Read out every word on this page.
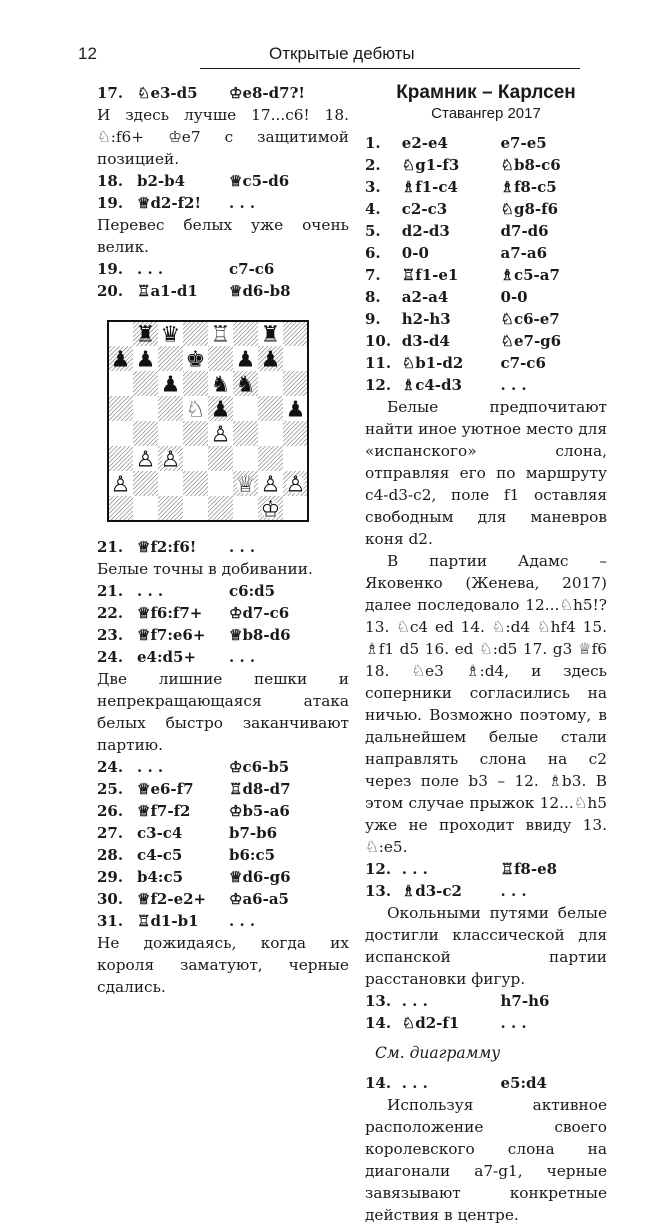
12	Открытые дебюты
17. ♘e3-d5	♔e8-d7?!

И здесь лучше 17...c6! 18. ♘:f6+ ♔e7 с защитимой позицией.

18. b2-b4	♕c5-d6
19. ♕d2-f2!	. . .

Перевес белых уже очень велик.

19. . . .	c7-c6
20. ♖a1-d1	♕d6-b8
♜ ♛ ♖ ♜
♟ ♟ ♚ ♟ ♟
♟ ♞ ♞
♘ ♟	♟
♙
♙ ♙
♙	♕ ♙ ♙
♔
21. ♕f2:f6!	. . .

Белые точны в добивании.

21. . . .	c6:d5
22. ♕f6:f7+	♔d7-c6
23. ♕f7:e6+	♕b8-d6
24. e4:d5+	. . .

Две лишние пешки и непрекращающаяся атака белых быстро заканчивают партию.

24. . . .	♔c6-b5
25. ♕e6-f7	♖d8-d7
26. ♕f7-f2	♔b5-a6
27. c3-c4	b7-b6
28. c4-c5	b6:c5
29. b4:c5	♕d6-g6
30. ♕f2-e2+	♔a6-a5
31. ♖d1-b1	. . .

Не дожидаясь, когда их короля заматуют, черные сдались.

Крамник – Карлсен
Ставангер 2017
1.	e2-e4	e7-e5
2.	♘g1-f3	♘b8-c6
3.	♗f1-c4	♗f8-c5
4.	c2-c3	♘g8-f6
5.	d2-d3	d7-d6
6.	0-0	a7-a6
7.	♖f1-e1	♗c5-a7
8.	a2-a4	0-0
9.	h2-h3	♘c6-e7
10. d3-d4	♘e7-g6
11. ♘b1-d2	c7-c6
12. ♗c4-d3	. . .

Белые предпочитают найти иное уютное место для «испанского» слона, отправляя его по маршруту c4-d3-c2, поле f1 оставляя свободным для маневров коня d2.

В партии Адамс – Яковенко (Женева, 2017) далее последовало 12...♘h5!? 13. ♘c4 ed 14. ♘:d4 ♘hf4 15. ♗f1 d5 16. ed ♘:d5 17. g3 ♕f6 18. ♘e3 ♗:d4, и здесь соперники согласились на ничью. Возможно поэтому, в дальнейшем белые стали направлять слона на c2 через поле b3 – 12. ♗b3. В этом случае прыжок 12...♘h5 уже не проходит ввиду 13. ♘:e5.

12. . . .	♖f8-e8
13. ♗d3-c2	. . .

Окольными путями белые достигли классической для испанской партии расстановки фигур.

13. . . .	h7-h6
14. ♘d2-f1	. . .
См. диаграмму
14. . . .	e5:d4

Используя активное расположение своего королевского слона на диагонали a7-g1, черные завязывают конкретные действия в центре.
